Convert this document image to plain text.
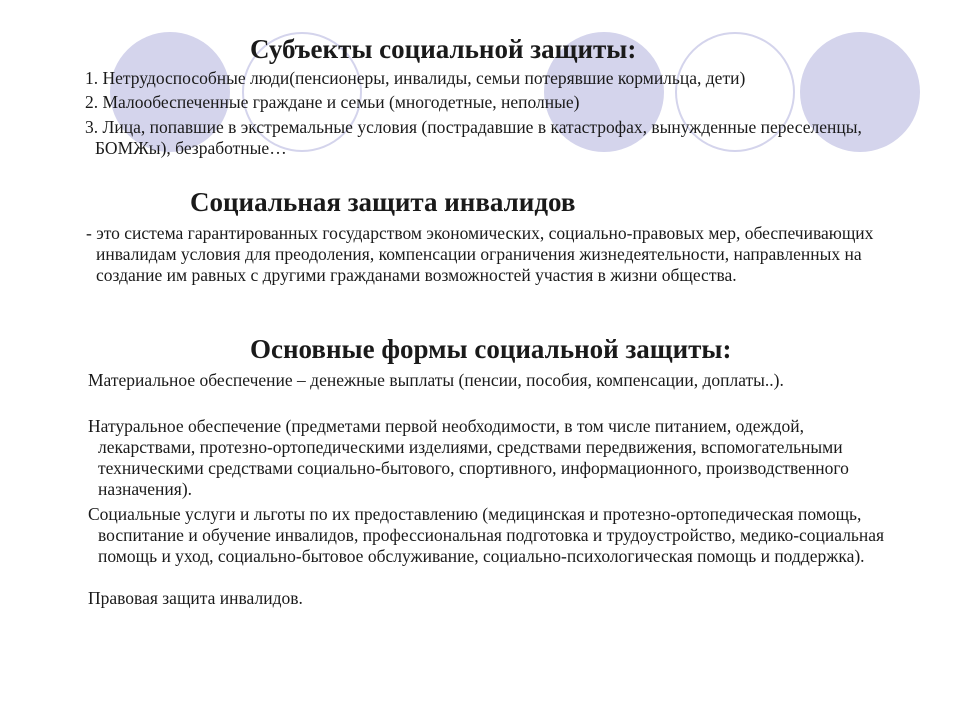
Субъекты социальной защиты:
1. Нетрудоспособные люди(пенсионеры, инвалиды, семьи потерявшие кормильца, дети)
2. Малообеспеченные граждане и семьи (многодетные, неполные)
3. Лица, попавшие в экстремальные условия (пострадавшие в катастрофах, вынужденные переселенцы, БОМЖы), безработные…
Социальная защита инвалидов
- это система гарантированных государством экономических, социально-правовых мер, обеспечивающих инвалидам условия для преодоления, компенсации ограничения жизнедеятельности, направленных на создание им равных с другими гражданами возможностей участия в жизни общества.
Основные формы социальной защиты:
Материальное обеспечение – денежные выплаты (пенсии, пособия, компенсации, доплаты..).
Натуральное обеспечение (предметами первой необходимости, в том числе питанием, одеждой, лекарствами, протезно-ортопедическими изделиями, средствами передвижения, вспомогательными техническими средствами социально-бытового, спортивного, информационного, производственного назначения).
Социальные услуги и льготы по их предоставлению (медицинская и протезно-ортопедическая помощь, воспитание и обучение инвалидов, профессиональная подготовка и трудоустройство, медико-социальная помощь и уход, социально-бытовое обслуживание, социально-психологическая помощь и поддержка).
Правовая защита инвалидов.
